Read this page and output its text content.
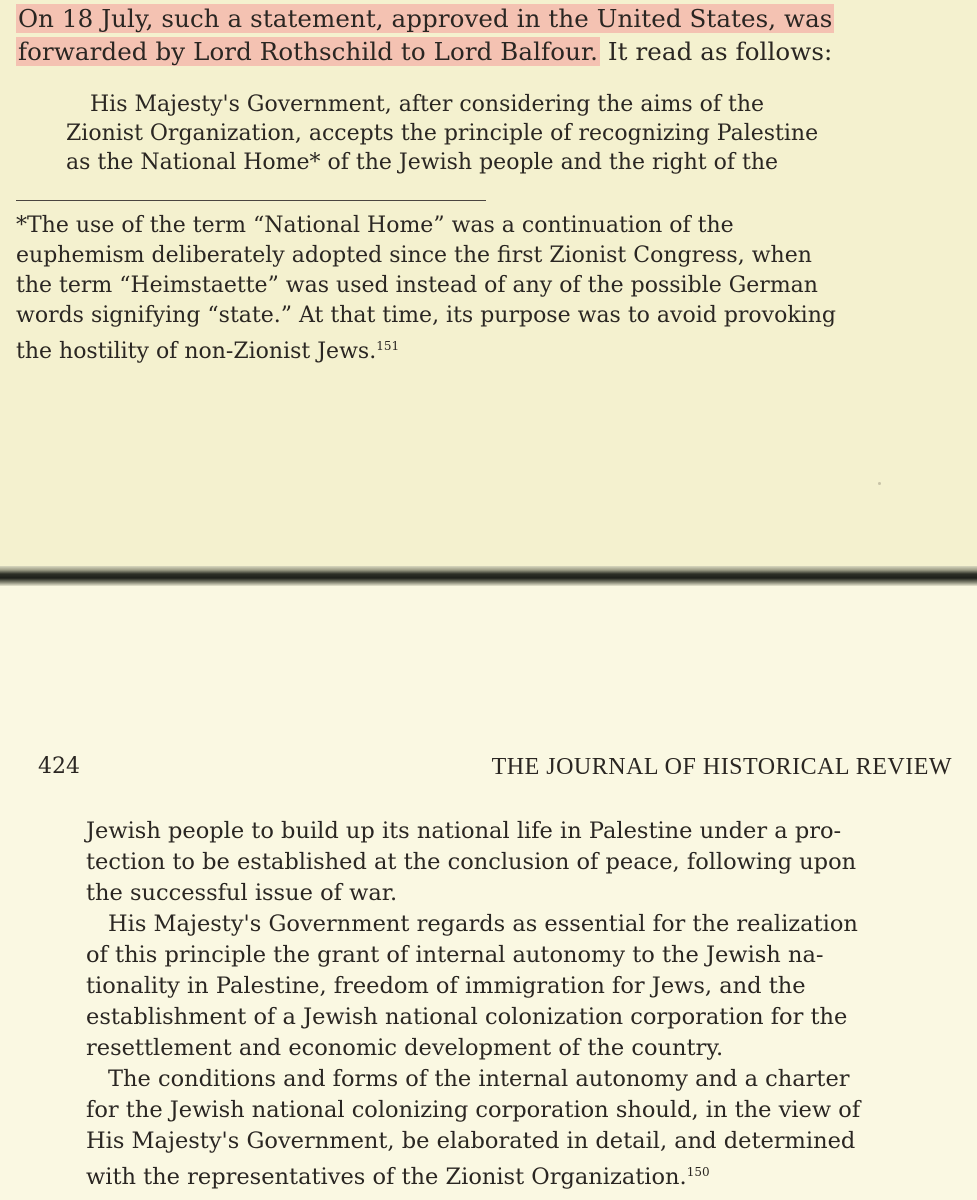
On 18 July, such a statement, approved in the United States, was

forwarded by Lord Rothschild to Lord Balfour. It read as follows:

His Majesty's Government, after considering the aims of the

Zionist Organization, accepts the principle of recognizing Palestine

as the National Home* of the Jewish people and the right of the

*The use of the term “National Home” was a continuation of the

euphemism deliberately adopted since the first Zionist Congress, when

the term “Heimstaette” was used instead of any of the possible German

words signifying “state.” At that time, its purpose was to avoid provoking

the hostility of non-Zionist Jews.$^{151}$

424	THE JOURNAL OF HISTORICAL REVIEW

Jewish people to build up its national life in Palestine under a pro-

tection to be established at the conclusion of peace, following upon

the successful issue of war.

His Majesty's Government regards as essential for the realization

of this principle the grant of internal autonomy to the Jewish na-

tionality in Palestine, freedom of immigration for Jews, and the

establishment of a Jewish national colonization corporation for the

resettlement and economic development of the country.

The conditions and forms of the internal autonomy and a charter

for the Jewish national colonizing corporation should, in the view of

His Majesty's Government, be elaborated in detail, and determined

with the representatives of the Zionist Organization.$^{150}$
